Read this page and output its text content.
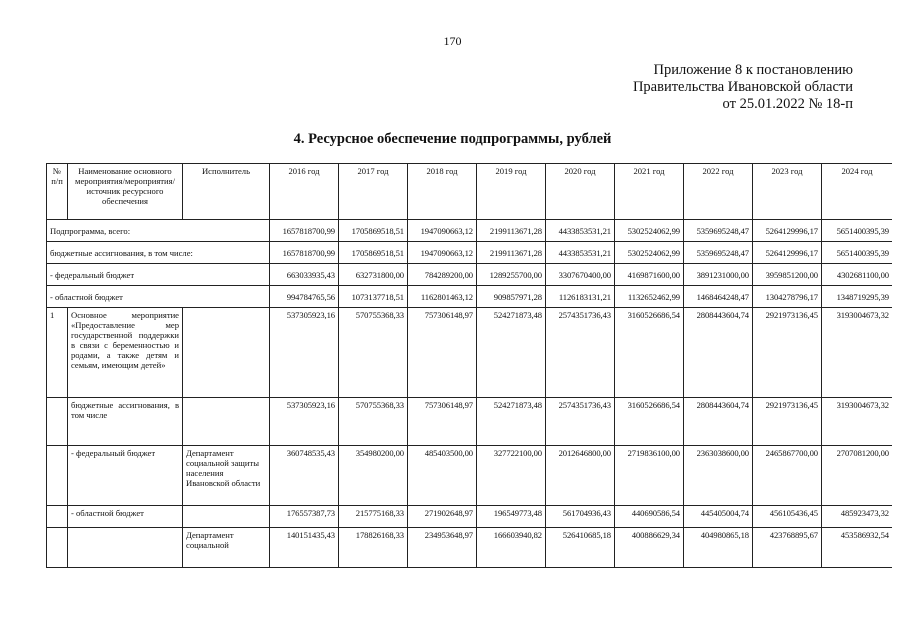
170
Приложение 8 к постановлению
Правительства Ивановской области
от 25.01.2022 № 18-п
4. Ресурсное обеспечение подпрограммы, рублей
№ п/п	Наименование основного мероприятия/мероприятия/источник ресурсного обеспечения	Исполнитель	2016 год	2017 год	2018 год	2019 год	2020 год	2021 год	2022 год	2023 год	2024 год
Подпрограмма, всего:			1657818700,99	1705869518,51	1947090663,12	2199113671,28	4433853531,21	5302524062,99	5359695248,47	5264129996,17	5651400395,39
бюджетные ассигнования, в том числе:			1657818700,99	1705869518,51	1947090663,12	2199113671,28	4433853531,21	5302524062,99	5359695248,47	5264129996,17	5651400395,39
- федеральный бюджет			663033935,43	632731800,00	784289200,00	1289255700,00	3307670400,00	4169871600,00	3891231000,00	3959851200,00	4302681100,00
- областной бюджет			994784765,56	1073137718,51	1162801463,12	909857971,28	1126183131,21	1132652462,99	1468464248,47	1304278796,17	1348719295,39
1	Основное мероприятие «Предоставление мер государственной поддержки в связи с беременностью и родами, а также детям и семьям, имеющим детей»		537305923,16	570755368,33	757306148,97	524271873,48	2574351736,43	3160526686,54	2808443604,74	2921973136,45	3193004673,32
	бюджетные ассигнования, в том числе		537305923,16	570755368,33	757306148,97	524271873,48	2574351736,43	3160526686,54	2808443604,74	2921973136,45	3193004673,32
	- федеральный бюджет	Департамент социальной защиты населения Ивановской области	360748535,43	354980200,00	485403500,00	327722100,00	2012646800,00	2719836100,00	2363038600,00	2465867700,00	2707081200,00
	- областной бюджет		176557387,73	215775168,33	271902648,97	196549773,48	561704936,43	440690586,54	445405004,74	456105436,45	485923473,32
		Департамент социальной	140151435,43	178826168,33	234953648,97	166603940,82	526410685,18	400886629,34	404980865,18	423768895,67	453586932,54
